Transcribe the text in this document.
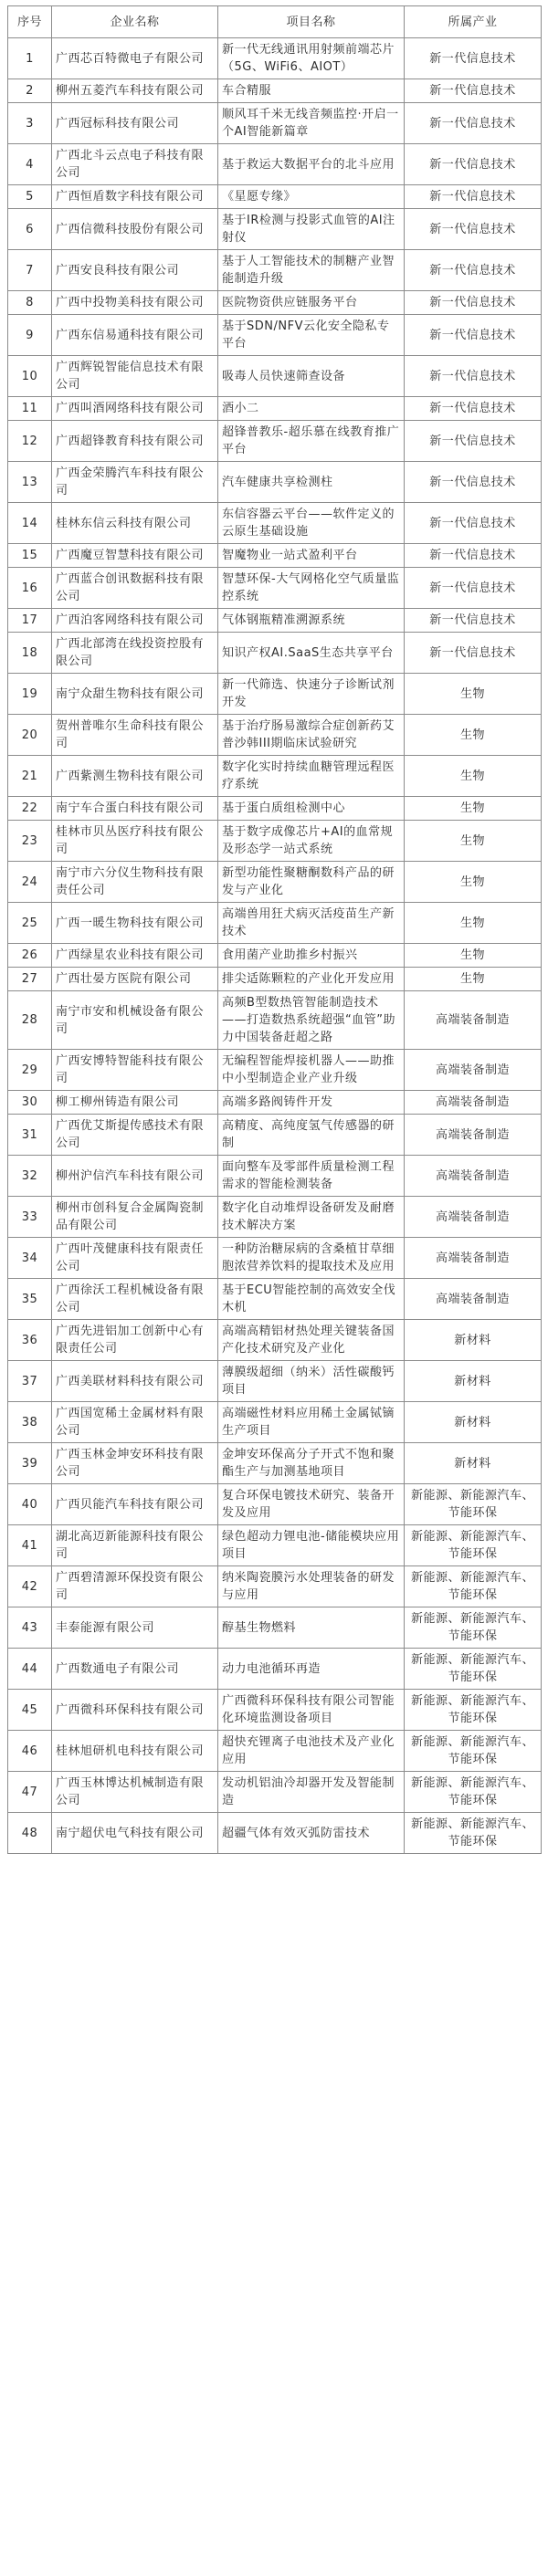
序号	企业名称	项目名称	所属产业
1	广西芯百特微电子有限公司	新一代无线通讯用射频前端芯片（5G、WiFi6、AIOT）	新一代信息技术
2	柳州五菱汽车科技有限公司	车合精服	新一代信息技术
3	广西冠标科技有限公司	顺风耳千米无线音频监控·开启一个AI智能新篇章	新一代信息技术
4	广西北斗云点电子科技有限公司	基于救运大数据平台的北斗应用	新一代信息技术
5	广西恒盾数字科技有限公司	《星愿专缘》	新一代信息技术
6	广西信微科技股份有限公司	基于IR检测与投影式血管的AI注射仪	新一代信息技术
7	广西安良科技有限公司	基于人工智能技术的制糖产业智能制造升级	新一代信息技术
8	广西中投物美科技有限公司	医院物资供应链服务平台	新一代信息技术
9	广西东信易通科技有限公司	基于SDN/NFV云化安全隐私专平台	新一代信息技术
10	广西辉锐智能信息技术有限公司	吸毒人员快速筛查设备	新一代信息技术
11	广西叫酒网络科技有限公司	酒小二	新一代信息技术
12	广西超锋教育科技有限公司	超锋普教乐-超乐慕在线教育推广平台	新一代信息技术
13	广西金荣腾汽车科技有限公司	汽车健康共享检测柱	新一代信息技术
14	桂林东信云科技有限公司	东信容器云平台——软件定义的云原生基础设施	新一代信息技术
15	广西魔豆智慧科技有限公司	智魔物业一站式盈利平台	新一代信息技术
16	广西蓝合创讯数据科技有限公司	智慧环保-大气网格化空气质量监控系统	新一代信息技术
17	广西泊客网络科技有限公司	气体钢瓶精准溯源系统	新一代信息技术
18	广西北部湾在线投资控股有限公司	知识产权AI.SaaS生态共享平台	新一代信息技术
19	南宁众甜生物科技有限公司	新一代筛选、快速分子诊断试剂开发	生物
20	贺州普唯尔生命科技有限公司	基于治疗肠易激综合症创新药艾普沙韩III期临床试验研究	生物
21	广西紫测生物科技有限公司	数字化实时持续血糖管理远程医疗系统	生物
22	南宁车合蛋白科技有限公司	基于蛋白质组检测中心	生物
23	桂林市贝丛医疗科技有限公司	基于数字成像芯片+AI的血常规及形态学一站式系统	生物
24	南宁市六分仪生物科技有限责任公司	新型功能性聚糖酮数科产品的研发与产业化	生物
25	广西一暖生物科技有限公司	高端兽用狂犬病灭活疫苗生产新技术	生物
26	广西绿星农业科技有限公司	食用菌产业助推乡村振兴	生物
27	广西壮晏方医院有限公司	排尖适陈颗粒的产业化开发应用	生物
28	南宁市安和机械设备有限公司	高频B型数热管智能制造技术——打造数热系统超强“血管”助力中国装备赶超之路	高端装备制造
29	广西安博特智能科技有限公司	无编程智能焊接机器人——助推中小型制造企业产业升级	高端装备制造
30	柳工柳州铸造有限公司	高端多路阀铸件开发	高端装备制造
31	广西优艾斯提传感技术有限公司	高精度、高纯度氢气传感器的研制	高端装备制造
32	柳州沪信汽车科技有限公司	面向整车及零部件质量检测工程需求的智能检测装备	高端装备制造
33	柳州市创科复合金属陶瓷制品有限公司	数字化自动堆焊设备研发及耐磨技术解决方案	高端装备制造
34	广西叶茂健康科技有限责任公司	一种防治糖尿病的含桑植甘草细胞浓营养饮料的提取技术及应用	高端装备制造
35	广西徐沃工程机械设备有限公司	基于ECU智能控制的高效安全伐木机	高端装备制造
36	广西先进铝加工创新中心有限责任公司	高端高精铝材热处理关键装备国产化技术研究及产业化	新材料
37	广西美联材料科技有限公司	薄膜级超细（纳米）活性碳酸钙项目	新材料
38	广西国宽稀土金属材料有限公司	高端磁性材料应用稀土金属铽镝生产项目	新材料
39	广西玉林金坤安环科技有限公司	金坤安环保高分子开式不饱和聚酯生产与加测基地项目	新材料
40	广西贝能汽车科技有限公司	复合环保电镀技术研究、装备开发及应用	新能源、新能源汽车、节能环保
41	湖北高迈新能源科技有限公司	绿色超动力锂电池-储能模块应用项目	新能源、新能源汽车、节能环保
42	广西碧清源环保投资有限公司	纳米陶瓷膜污水处理装备的研发与应用	新能源、新能源汽车、节能环保
43	丰泰能源有限公司	醇基生物燃料	新能源、新能源汽车、节能环保
44	广西数通电子有限公司	动力电池循环再造	新能源、新能源汽车、节能环保
45	广西微科环保科技有限公司	广西微科环保科技有限公司智能化环境监测设备项目	新能源、新能源汽车、节能环保
46	桂林旭研机电科技有限公司	超快充锂离子电池技术及产业化应用	新能源、新能源汽车、节能环保
47	广西玉林博达机械制造有限公司	发动机铝油冷却器开发及智能制造	新能源、新能源汽车、节能环保
48	南宁超伏电气科技有限公司	超疆气体有效灭弧防雷技术	新能源、新能源汽车、节能环保
